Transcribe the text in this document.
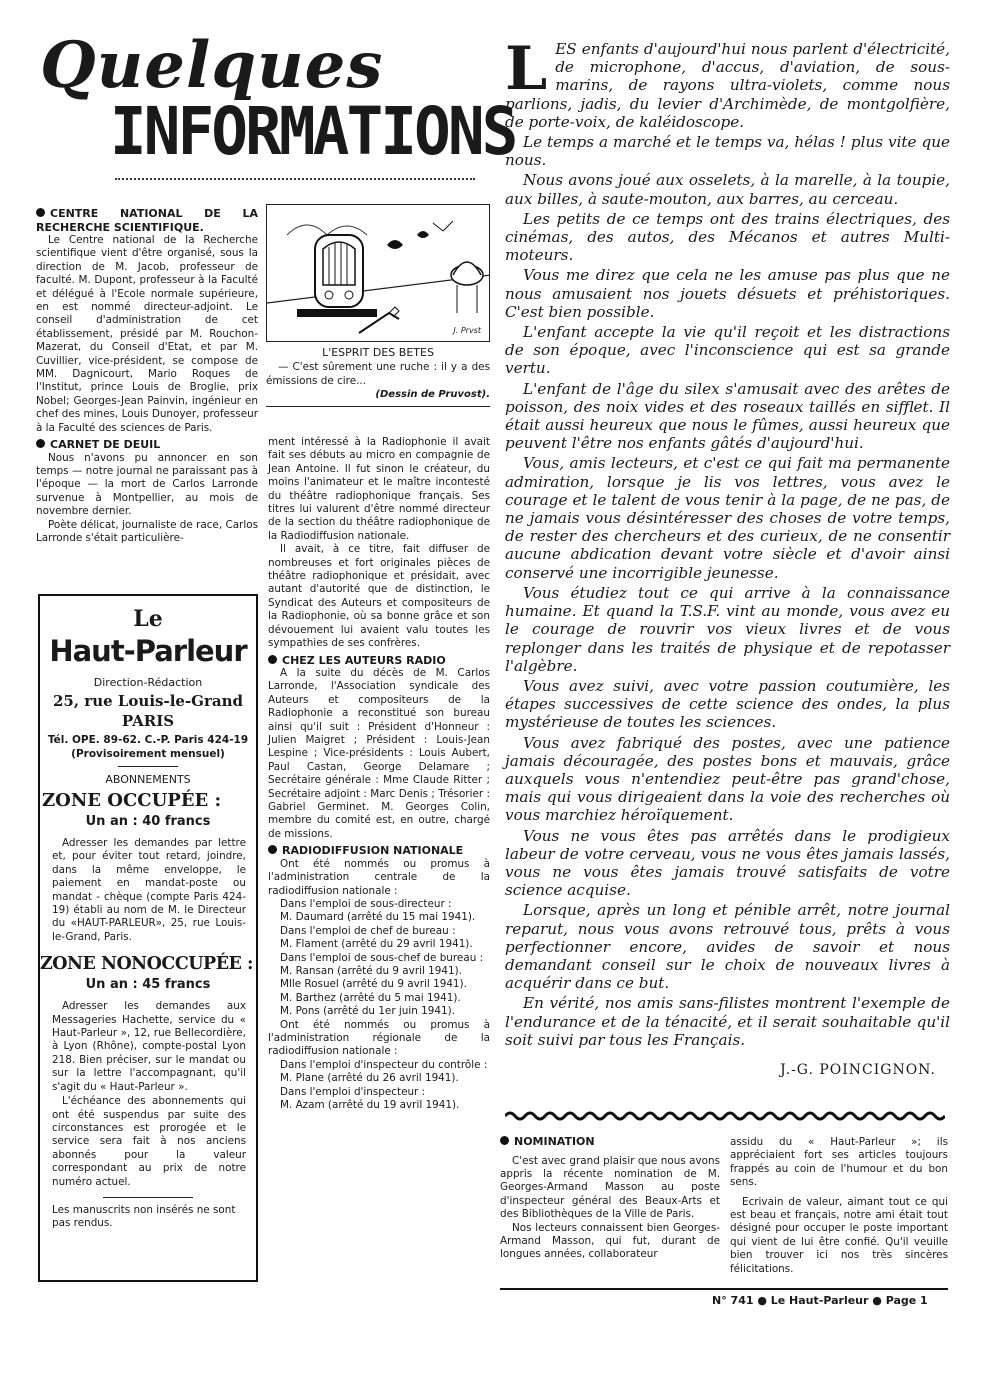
Quelques
INFORMATIONS
CENTRE NATIONAL DE LA RECHERCHE SCIENTIFIQUE.

Le Centre national de la Recherche scientifique vient d'être organisé, sous la direction de M. Jacob, professeur de faculté. M. Dupont, professeur à la Faculté et délégué à l'Ecole normale supérieure, en est nommé directeur-adjoint. Le conseil d'administration de cet établissement, présidé par M. Rouchon-Mazerat, du Conseil d'Etat, et par M. Cuvillier, vice-président, se compose de MM. Dagnicourt, Mario Roques de l'Institut, prince Louis de Broglie, prix Nobel; Georges-Jean Painvin, ingénieur en chef des mines, Louis Dunoyer, professeur à la Faculté des sciences de Paris.

CARNET DE DEUIL

Nous n'avons pu annoncer en son temps — notre journal ne paraissant pas à l'époque — la mort de Carlos Larronde survenue à Montpellier, au mois de novembre dernier.

Poète délicat, journaliste de race, Carlos Larronde s'était particulière-

Le
Haut-Parleur
Direction-Rédaction
25, rue Louis-le-Grand
PARIS
Tél. OPE. 89-62. C.-P. Paris 424-19
(Provisoirement mensuel)
ABONNEMENTS
ZONE OCCUPÉE :
Un an : 40 francs

Adresser les demandes par lettre et, pour éviter tout retard, joindre, dans la même enveloppe, le paiement en mandat-poste ou mandat - chèque (compte Paris 424-19) établi au nom de M. le Directeur du «HAUT-PARLEUR», 25, rue Louis-le-Grand, Paris.

ZONE NONOCCUPÉE :
Un an : 45 francs

Adresser les demandes aux Messageries Hachette, service du « Haut-Parleur », 12, rue Bellecordière, à Lyon (Rhône), compte-postal Lyon 218. Bien préciser, sur le mandat ou sur la lettre l'accompagnant, qu'il s'agit du « Haut-Parleur ».

L'échéance des abonnements qui ont été suspendus par suite des circonstances est prorogée et le service sera fait à nos anciens abonnés pour la valeur correspondant au prix de notre numéro actuel.

Les manuscrits non insérés ne sont pas rendus.

J. Prvst
L'ESPRIT DES BETES

— C'est sûrement une ruche : il y a des émissions de cire...

(Dessin de Pruvost).

ment intéressé à la Radiophonie il avait fait ses débuts au micro en compagnie de Jean Antoine. Il fut sinon le créateur, du moins l'animateur et le maître incontesté du théâtre radiophonique français. Ses titres lui valurent d'être nommé directeur de la section du théâtre radiophonique de la Radiodiffusion nationale.

Il avait, à ce titre, fait diffuser de nombreuses et fort originales pièces de théâtre radiophonique et présidait, avec autant d'autorité que de distinction, le Syndicat des Auteurs et compositeurs de la Radiophonie, où sa bonne grâce et son dévouement lui avaient valu toutes les sympathies de ses confrères.

CHEZ LES AUTEURS RADIO

A la suite du décès de M. Carlos Larronde, l'Association syndicale des Auteurs et compositeurs de la Radiophonie a reconstitué son bureau ainsi qu'il suit : Président d'Honneur : Julien Maigret ; Président : Louis-Jean Lespine ; Vice-présidents : Louis Aubert, Paul Castan, George Delamare ; Secrétaire générale : Mme Claude Ritter ; Secrétaire adjoint : Marc Denis ; Trésorier : Gabriel Germinet. M. Georges Colin, membre du comité est, en outre, chargé de missions.

RADIODIFFUSION NATIONALE

Ont été nommés ou promus à l'administration centrale de la radiodiffusion nationale :

Dans l'emploi de sous-directeur :

M. Daumard (arrêté du 15 mai 1941).

Dans l'emploi de chef de bureau :

M. Flament (arrêté du 29 avril 1941).

Dans l'emploi de sous-chef de bureau :

M. Ransan (arrêté du 9 avril 1941).

Mlle Rosuel (arrêté du 9 avril 1941).

M. Barthez (arrêté du 5 mai 1941).

M. Pons (arrêté du 1er juin 1941).

Ont été nommés ou promus à l'administration régionale de la radiodiffusion nationale :

Dans l'emploi d'inspecteur du contrôle :

M. Plane (arrêté du 26 avril 1941).

Dans l'emploi d'inspecteur :

M. Azam (arrêté du 19 avril 1941).

L ES enfants d'aujourd'hui nous parlent d'électricité, de microphone, d'accus, d'aviation, de sous-marins, de rayons ultra-violets, comme nous parlions, jadis, du levier d'Archimède, de montgolfière, de porte-voix, de kaléidoscope.

Le temps a marché et le temps va, hélas ! plus vite que nous.

Nous avons joué aux osselets, à la marelle, à la toupie, aux billes, à saute-mouton, aux barres, au cerceau.

Les petits de ce temps ont des trains électriques, des cinémas, des autos, des Mécanos et autres Multi-moteurs.

Vous me direz que cela ne les amuse pas plus que ne nous amusaient nos jouets désuets et préhistoriques. C'est bien possible.

L'enfant accepte la vie qu'il reçoit et les distractions de son époque, avec l'inconscience qui est sa grande vertu.

L'enfant de l'âge du silex s'amusait avec des arêtes de poisson, des noix vides et des roseaux taillés en sifflet. Il était aussi heureux que nous le fûmes, aussi heureux que peuvent l'être nos enfants gâtés d'aujourd'hui.

Vous, amis lecteurs, et c'est ce qui fait ma permanente admiration, lorsque je lis vos lettres, vous avez le courage et le talent de vous tenir à la page, de ne pas, de ne jamais vous désintéresser des choses de votre temps, de rester des chercheurs et des curieux, de ne consentir aucune abdication devant votre siècle et d'avoir ainsi conservé une incorrigible jeunesse.

Vous étudiez tout ce qui arrive à la connaissance humaine. Et quand la T.S.F. vint au monde, vous avez eu le courage de rouvrir vos vieux livres et de vous replonger dans les traités de physique et de repotasser l'algèbre.

Vous avez suivi, avec votre passion coutumière, les étapes successives de cette science des ondes, la plus mystérieuse de toutes les sciences.

Vous avez fabriqué des postes, avec une patience jamais découragée, des postes bons et mauvais, grâce auxquels vous n'entendiez peut-être pas grand'chose, mais qui vous dirigeaient dans la voie des recherches où vous marchiez héroïquement.

Vous ne vous êtes pas arrêtés dans le prodigieux labeur de votre cerveau, vous ne vous êtes jamais lassés, vous ne vous êtes jamais trouvé satisfaits de votre science acquise.

Lorsque, après un long et pénible arrêt, notre journal reparut, nous vous avons retrouvé tous, prêts à vous perfectionner encore, avides de savoir et nous demandant conseil sur le choix de nouveaux livres à acquérir dans ce but.

En vérité, nos amis sans-filistes montrent l'exemple de l'endurance et de la ténacité, et il serait souhaitable qu'il soit suivi par tous les Français.

J.-G. POINCIGNON.
NOMINATION

C'est avec grand plaisir que nous avons appris la récente nomination de M. Georges-Armand Masson au poste d'inspecteur général des Beaux-Arts et des Bibliothèques de la Ville de Paris.

Nos lecteurs connaissent bien Georges-Armand Masson, qui fut, durant de longues années, collaborateur

assidu du « Haut-Parleur »; ils appréciaient fort ses articles toujours frappés au coin de l'humour et du bon sens.

Ecrivain de valeur, aimant tout ce qui est beau et français, notre ami était tout désigné pour occuper le poste important qui vient de lui être confié. Qu'il veuille bien trouver ici nos très sincères félicitations.

N° 741 ● Le Haut-Parleur ● Page 1
